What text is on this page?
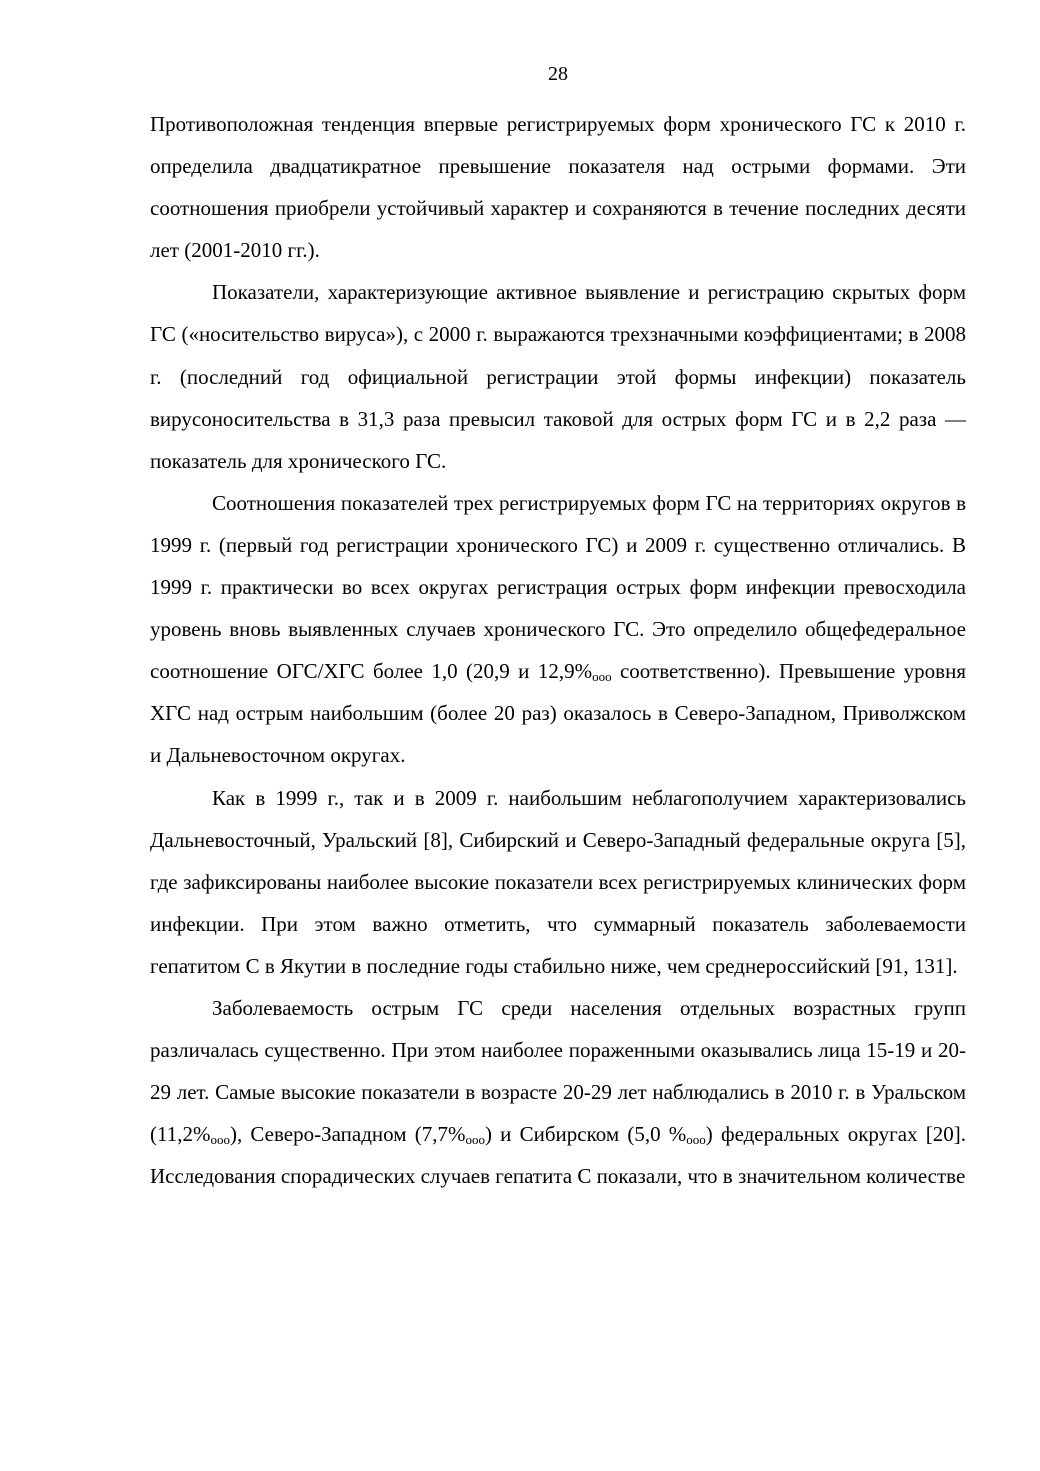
28

Противоположная тенденция впервые регистрируемых форм хронического ГС к 2010 г. определила двадцатикратное превышение показателя над острыми формами. Эти соотношения приобрели устойчивый характер и сохраняются в течение последних десяти лет (2001-2010 гг.).

Показатели, характеризующие активное выявление и регистрацию скрытых форм ГС («носительство вируса»), с 2000 г. выражаются трехзначными коэффициентами; в 2008 г. (последний год официальной регистрации этой формы инфекции) показатель вирусоносительства в 31,3 раза превысил таковой для острых форм ГС и в 2,2 раза — показатель для хронического ГС.

Соотношения показателей трех регистрируемых форм ГС на территориях округов в 1999 г. (первый год регистрации хронического ГС) и 2009 г. существенно отличались. В 1999 г. практически во всех округах регистрация острых форм инфекции превосходила уровень вновь выявленных случаев хронического ГС. Это определило общефедеральное соотношение ОГС/ХГС более 1,0 (20,9 и $12,9\%_{ооо}$ соответственно). Превышение уровня ХГС над острым наибольшим (более 20 раз) оказалось в Северо-Западном, Приволжском и Дальневосточном округах.

Как в 1999 г., так и в 2009 г. наибольшим неблагополучием характеризовались Дальневосточный, Уральский [8], Сибирский и Северо-Западный федеральные округа [5], где зафиксированы наиболее высокие показатели всех регистрируемых клинических форм инфекции. При этом важно отметить, что суммарный показатель заболеваемости гепатитом С в Якутии в последние годы стабильно ниже, чем среднероссийский [91, 131].

Заболеваемость острым ГС среди населения отдельных возрастных групп различалась существенно. При этом наиболее пораженными оказывались лица 15-19 и 20-29 лет. Самые высокие показатели в возрасте 20-29 лет наблюдались в 2010 г. в Уральском $(11,2\%_{ооо})$, Северо-Западном $(7,7\%_{ооо})$ и Сибирском (5,0 $\%_{ооо}$) федеральных округах [20]. Исследования спорадических случаев гепатита С показали, что в значительном количестве
